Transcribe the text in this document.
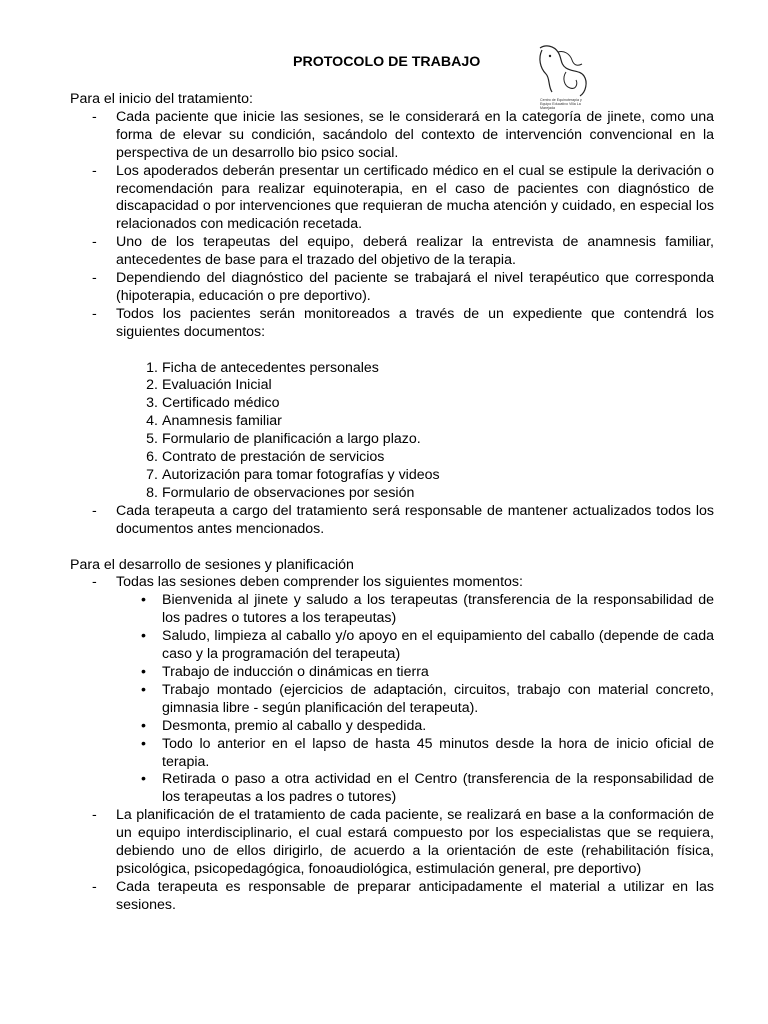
PROTOCOLO DE TRABAJO
Centro de Equinoterapia y Equipo Educativo Villa La Marejada
Para el inicio del tratamiento:
- Cada paciente que inicie las sesiones, se le considerará en la categoría de jinete, como una forma de elevar su condición, sacándolo del contexto de intervención convencional en la perspectiva de un desarrollo bio psico social.
- Los apoderados deberán presentar un certificado médico en el cual se estipule la derivación o recomendación para realizar equinoterapia, en el caso de pacientes con diagnóstico de discapacidad o por intervenciones que requieran de mucha atención y cuidado, en especial los relacionados con medicación recetada.
- Uno de los terapeutas del equipo, deberá realizar la entrevista de anamnesis familiar, antecedentes de base para el trazado del objetivo de la terapia.
- Dependiendo del diagnóstico del paciente se trabajará el nivel terapéutico que corresponda (hipoterapia, educación o pre deportivo).
- Todos los pacientes serán monitoreados a través de un expediente que contendrá los siguientes documentos:
1. Ficha de antecedentes personales
2. Evaluación Inicial
3. Certificado médico
4. Anamnesis familiar
5. Formulario de planificación a largo plazo.
6. Contrato de prestación de servicios
7. Autorización para tomar fotografías y videos
8. Formulario de observaciones por sesión
- Cada terapeuta a cargo del tratamiento será responsable de mantener actualizados todos los documentos antes mencionados.
Para el desarrollo de sesiones y planificación
- Todas las sesiones deben comprender los siguientes momentos:
• Bienvenida al jinete y saludo a los terapeutas (transferencia de la responsabilidad de los padres o tutores a los terapeutas)
• Saludo, limpieza al caballo y/o apoyo en el equipamiento del caballo (depende de cada caso y la programación del terapeuta)
• Trabajo de inducción o dinámicas en tierra
• Trabajo montado (ejercicios de adaptación, circuitos, trabajo con material concreto, gimnasia libre - según planificación del terapeuta).
• Desmonta, premio al caballo y despedida.
• Todo lo anterior en el lapso de hasta 45 minutos desde la hora de inicio oficial de terapia.
• Retirada o paso a otra actividad en el Centro (transferencia de la responsabilidad de los terapeutas a los padres o tutores)
- La planificación de el tratamiento de cada paciente, se realizará en base a la conformación de un equipo interdisciplinario, el cual estará compuesto por los especialistas que se requiera, debiendo uno de ellos dirigirlo, de acuerdo a la orientación de este (rehabilitación física, psicológica, psicopedagógica, fonoaudiológica, estimulación general, pre deportivo)
- Cada terapeuta es responsable de preparar anticipadamente el material a utilizar en las sesiones.
